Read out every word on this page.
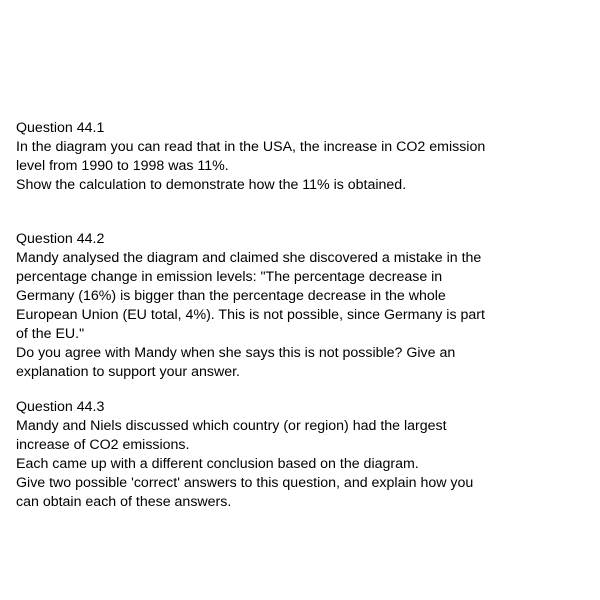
Question 44.1
In the diagram you can read that in the USA, the increase in CO2 emission
level from 1990 to 1998 was 11%.
Show the calculation to demonstrate how the 11% is obtained.
Question 44.2
Mandy analysed the diagram and claimed she discovered a mistake in the
percentage change in emission levels: "The percentage decrease in
Germany (16%) is bigger than the percentage decrease in the whole
European Union (EU total, 4%). This is not possible, since Germany is part
of the EU."
Do you agree with Mandy when she says this is not possible? Give an
explanation to support your answer.
Question 44.3
Mandy and Niels discussed which country (or region) had the largest
increase of CO2 emissions.
Each came up with a different conclusion based on the diagram.
Give two possible 'correct' answers to this question, and explain how you
can obtain each of these answers.
